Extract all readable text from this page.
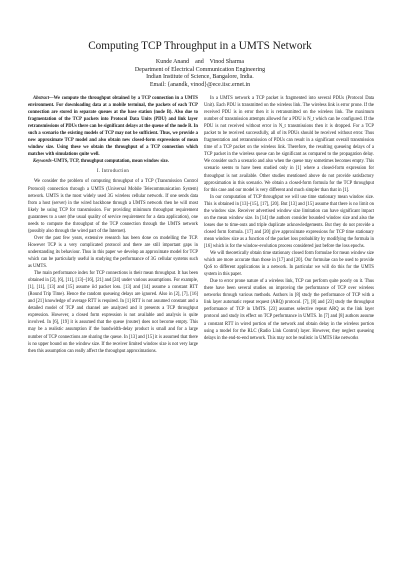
Computing TCP Throughput in a UMTS Network
Kunde Anand    and    Vinod Sharma
Department of Electrical Communication Engineering
Indian Institute of Science, Bangalore, India.
Email: {anandk, vinod}@ece.iisc.ernet.in

Abstract—We compute the throughput obtained by a TCP connection in a UMTS environment. For downloading data at a mobile terminal, the packets of each TCP connection are stored in separate queues at the base station (node B). Also due to fragmentation of the TCP packets into Protocol Data Units (PDU) and link layer retransmissions of PDUs there can be significant delays at the queue of the node B. In such a scenario the existing models of TCP may not be sufficient. Thus, we provide a new approximate TCP model and also obtain new closed-form expressions of mean window size. Using these we obtain the throughput of a TCP connection which matches with simulations quite well.

Keywords–UMTS, TCP, throughput computation, mean window size.

I. Introduction

We consider the problem of computing throughput of a TCP (Transmission Control Protocol) connection through a UMTS (Universal Mobile Telecommunication System) network. UMTS is the most widely used 3G wireless cellular network. If one sends data from a host (server) in the wired backbone through a UMTS network then he will most likely be using TCP for transmission. For providing minimum throughput requirement guarantees to a user (the usual quality of service requirement for a data application), one needs to compute the throughput of the TCP connection through the UMTS network (possibly also through the wired part of the Internet).

Over the past few years, extensive research has been done on modelling the TCP. However TCP is a very complicated protocol and there are still important gaps in understanding its behaviour. Thus in this paper we develop an approximate model for TCP which can be particularly useful in studying the performance of 3G cellular systems such as UMTS.

The main performance index for TCP connections is their mean throughput. It has been obtained in [2], [6], [11], [13]–[16], [21] and [24] under various assumptions. For example, [1], [11], [13] and [15] assume iid packet loss. [13] and [14] assume a constant RTT (Round Trip Time). Hence the random queueing delays are ignored. Also in [2], [7], [16] and [21] knowledge of average RTT is required. In [1] RTT is not assumed constant and a detailed model of TCP and channel are analyzed and it presents a TCP throughput expression. However, a closed form expression is not available and analysis is quite involved. In [6], [19] it is assumed that the queue (router) does not become empty. This may be a realistic assumption if the bandwidth-delay product is small and for a large number of TCP connections are sharing the queue. In [13] and [15] it is assumed that there is no upper bound on the window size. If the receiver limited window size is not very large then this assumption can really affect the throughput approximations.

In a UMTS network a TCP packet is fragmented into several PDUs (Protocol Data Unit). Each PDU is transmitted on the wireless link. The wireless link is error prone. If the received PDU is in error then it is retransmitted on the wireless link. The maximum number of transmission attempts allowed for a PDU is N_t which can be configured. If the PDU is not received without error in N_t transmissions then it is dropped. For a TCP packet to be received successfully, all of its PDUs should be received without error. Thus fragmentation and retransmission of PDUs can result in a significant overall transmission time of a TCP packet on the wireless link. Therefore, the resulting queueing delays of a TCP packet in the wireless queue can be significant as compared to the propagation delay. We consider such a scenario and also when the queue may sometimes becomes empty. This scenario seems to have been studied only in [1] where a closed-form expression for throughput is not available. Other studies mentioned above do not provide satisfactory approximation in this scenario. We obtain a closed-form formula for the TCP throughput for this case and our model is very different and much simpler than that in [1].

In our computation of TCP throughput we will use time stationary mean window size. This is obtained in [13]–[15], [17], [20]. But [13] and [15] assume that there is no limit on the window size. Receiver advertised window size limitation can have significant impact on the mean window size. In [14] the authors consider bounded window size and also the losses due to time-outs and triple duplicate acknowledgements. But they do not provide a closed form formula. [17] and [20] give approximate expressions for TCP time stationary mean window size as a function of the packet loss probability by modifying the formula in [16] which is for the window-evolution process considered just before the loss epochs.

We will theoretically obtain time stationary closed form formulae for mean window size which are more accurate than those in [17] and [20]. Our formulae can be used to provide QoS to different applications in a network. In particular we will do this for the UMTS system in this paper.

Due to error prone nature of a wireless link, TCP can perform quite poorly on it. Thus there have been several studies on improving the performance of TCP over wireless networks through various methods. Authors in [8] study the performance of TCP with a link layer automatic repeat request (ARQ) protocol. [7], [8] and [23] study the throughput performance of TCP in UMTS. [23] assumes selective repeat ARQ as the link layer protocol and study its effect on TCP performance in UMTS. In [7] and [8] authors assume a constant RTT in wired portion of the network and obtain delay in the wireless portion using a model for the RLC (Radio Link Control) layer. However, they neglect queueing delays in the end-to-end network. This may not be realistic in UMTS like networks
